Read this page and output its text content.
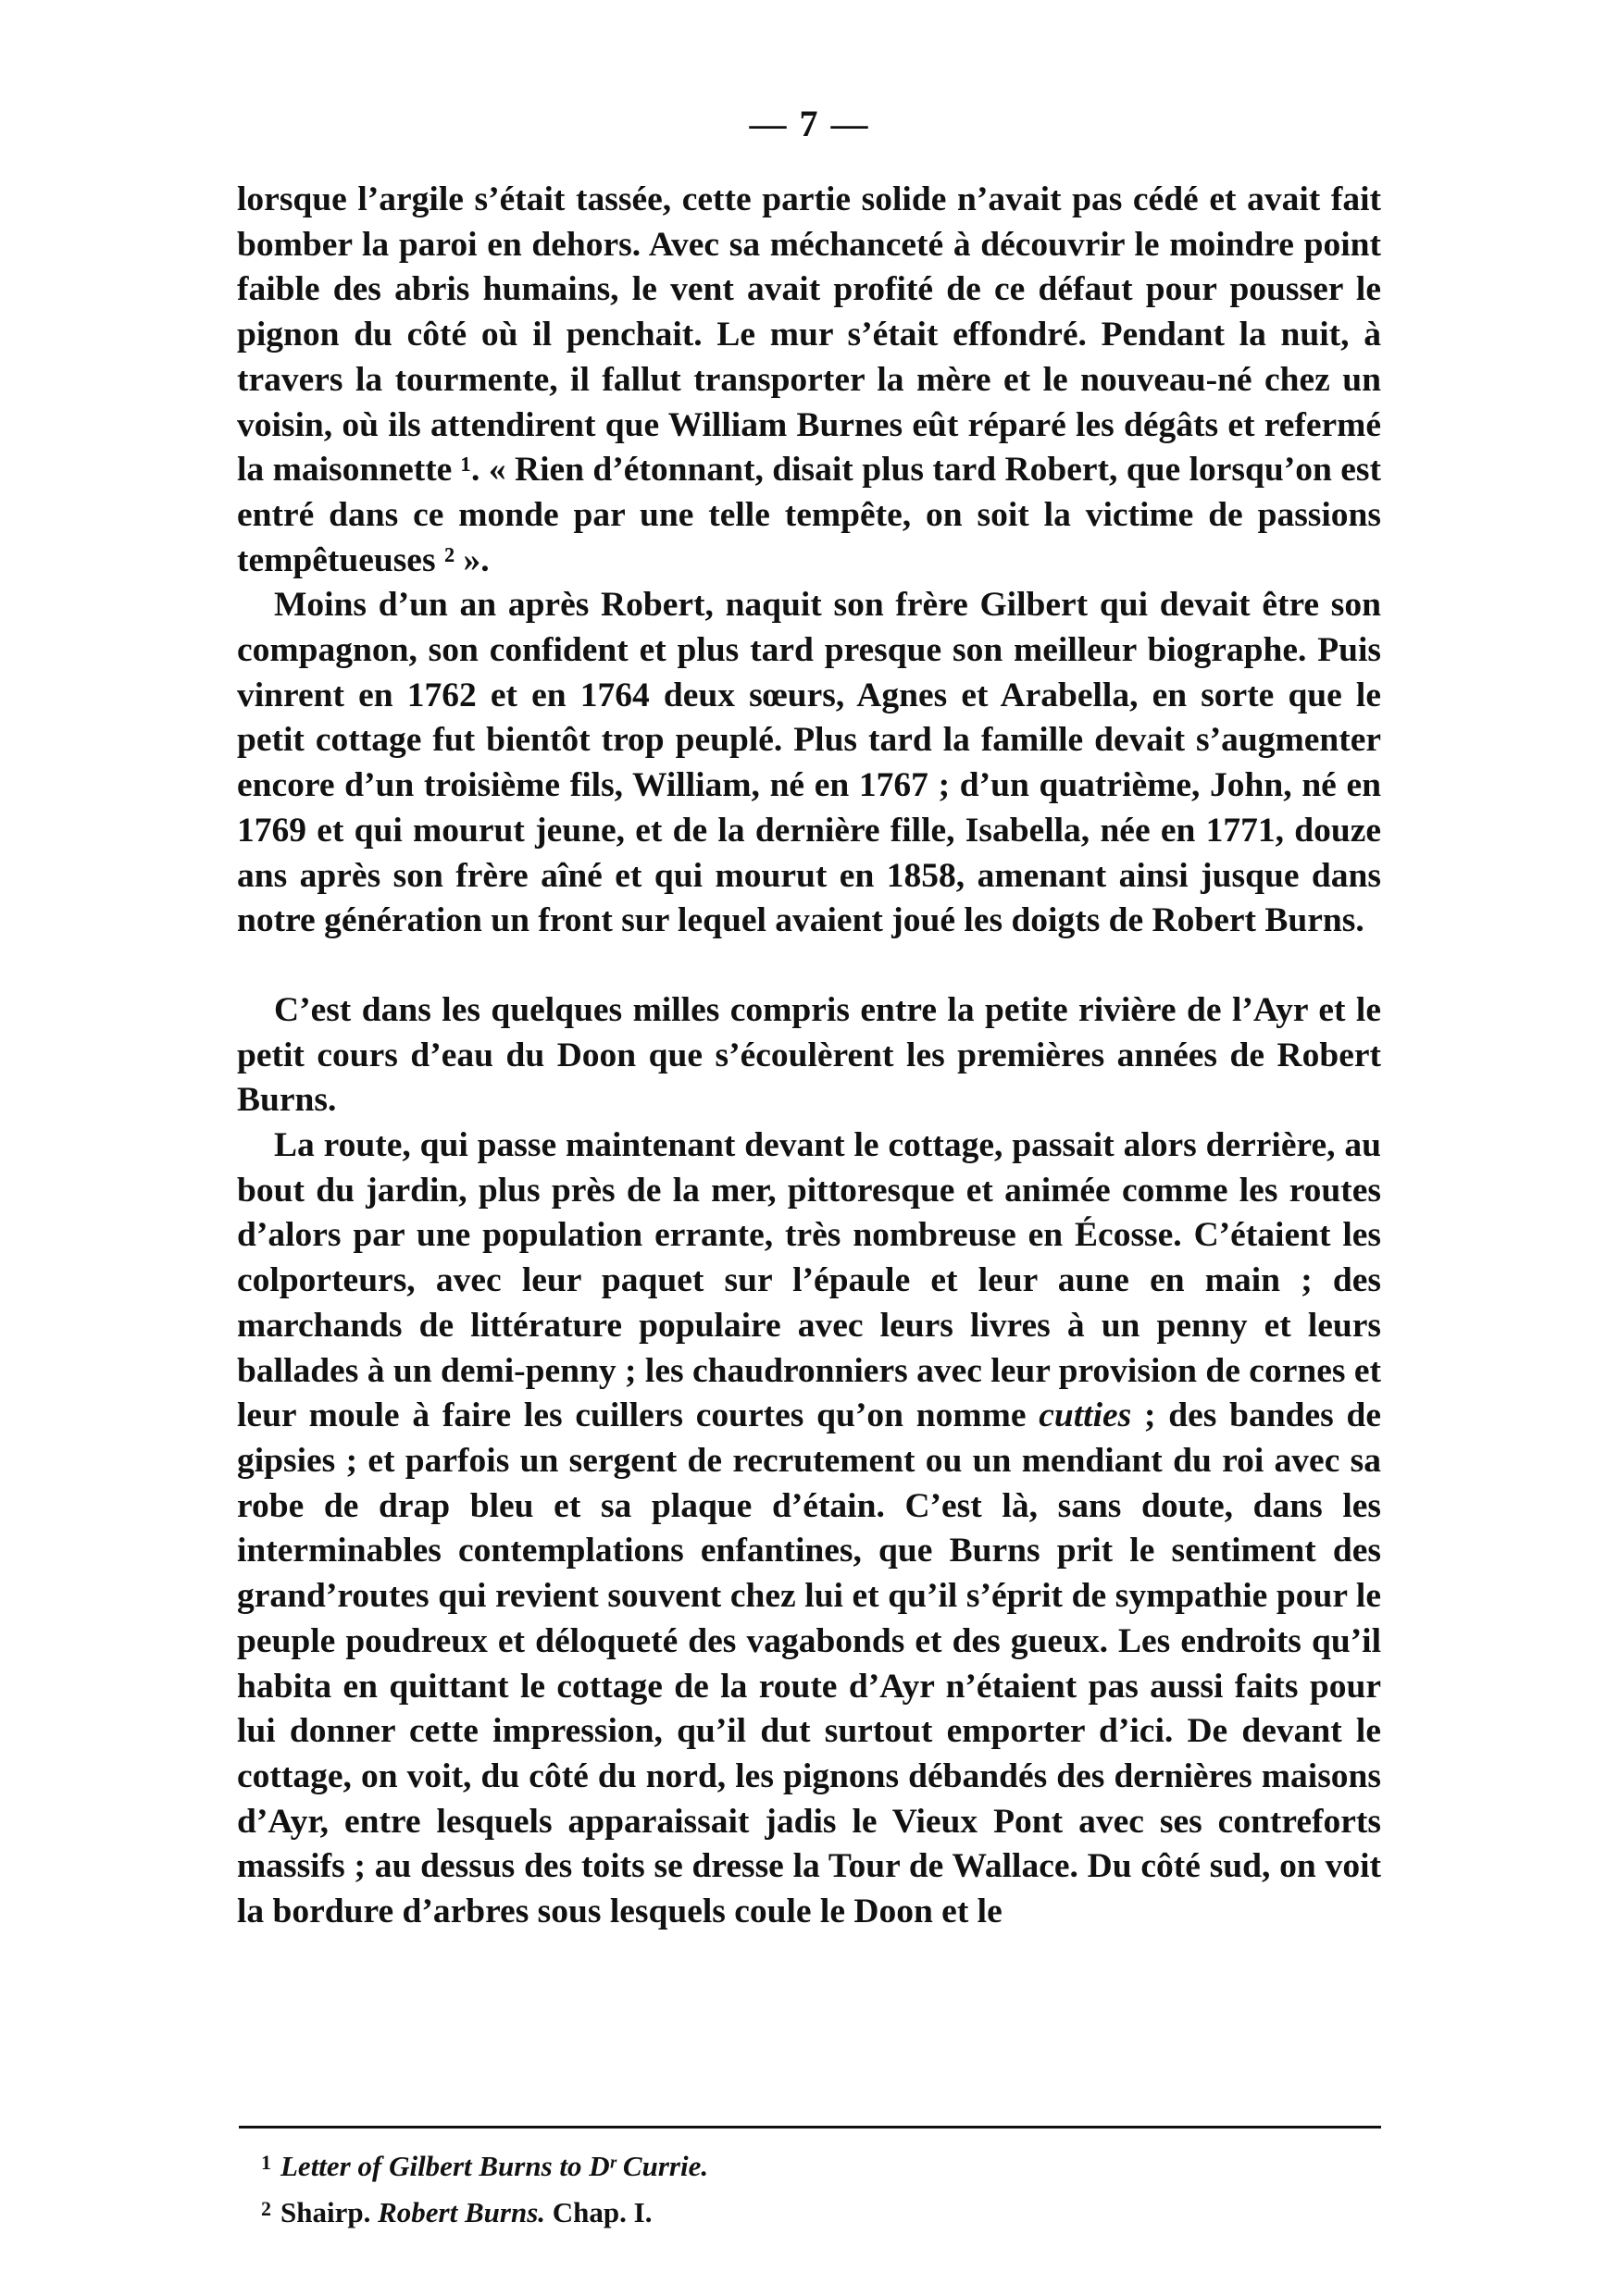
— 7 —

lorsque l’argile s’était tassée, cette partie solide n’avait pas cédé et avait fait bomber la paroi en dehors. Avec sa méchanceté à découvrir le moindre point faible des abris humains, le vent avait profité de ce défaut pour pousser le pignon du côté où il penchait. Le mur s’était effondré. Pendant la nuit, à travers la tourmente, il fallut transporter la mère et le nouveau-né chez un voisin, où ils attendirent que William Burnes eût réparé les dégâts et refermé la maisonnette ¹. « Rien d’étonnant, disait plus tard Robert, que lorsqu’on est entré dans ce monde par une telle tempête, on soit la victime de passions tempêtueuses ² ».

Moins d’un an après Robert, naquit son frère Gilbert qui devait être son compagnon, son confident et plus tard presque son meilleur biographe. Puis vinrent en 1762 et en 1764 deux sœurs, Agnes et Arabella, en sorte que le petit cottage fut bientôt trop peuplé. Plus tard la famille devait s’augmenter encore d’un troisième fils, William, né en 1767 ; d’un quatrième, John, né en 1769 et qui mourut jeune, et de la dernière fille, Isabella, née en 1771, douze ans après son frère aîné et qui mourut en 1858, amenant ainsi jusque dans notre génération un front sur lequel avaient joué les doigts de Robert Burns.

C’est dans les quelques milles compris entre la petite rivière de l’Ayr et le petit cours d’eau du Doon que s’écoulèrent les premières années de Robert Burns.

La route, qui passe maintenant devant le cottage, passait alors derrière, au bout du jardin, plus près de la mer, pittoresque et animée comme les routes d’alors par une population errante, très nombreuse en Écosse. C’étaient les colporteurs, avec leur paquet sur l’épaule et leur aune en main ; des marchands de littérature populaire avec leurs livres à un penny et leurs ballades à un demi-penny ; les chaudronniers avec leur provision de cornes et leur moule à faire les cuillers courtes qu’on nomme cutties ; des bandes de gipsies ; et parfois un sergent de recrutement ou un mendiant du roi avec sa robe de drap bleu et sa plaque d’étain. C’est là, sans doute, dans les interminables contemplations enfantines, que Burns prit le sentiment des grand’routes qui revient souvent chez lui et qu’il s’éprit de sympathie pour le peuple poudreux et déloqueté des vagabonds et des gueux. Les endroits qu’il habita en quittant le cottage de la route d’Ayr n’étaient pas aussi faits pour lui donner cette impression, qu’il dut surtout emporter d’ici. De devant le cottage, on voit, du côté du nord, les pignons débandés des dernières maisons d’Ayr, entre lesquels apparaissait jadis le Vieux Pont avec ses contreforts massifs ; au dessus des toits se dresse la Tour de Wallace. Du côté sud, on voit la bordure d’arbres sous lesquels coule le Doon et le

$^1$ Letter of Gilbert Burns to Dʳ Currie.

$^2$ Shairp. Robert Burns. Chap. I.
